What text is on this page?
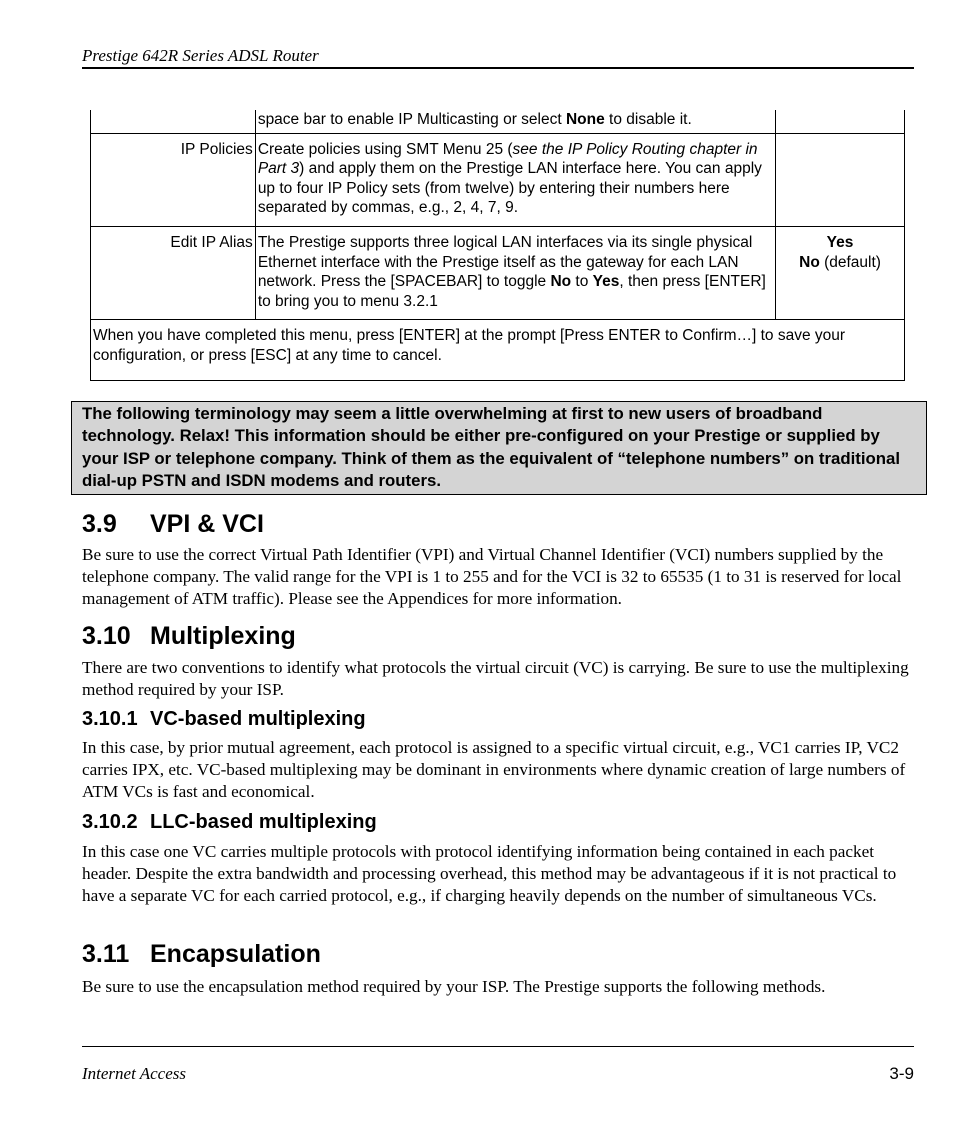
Prestige 642R Series ADSL Router
	space bar to enable IP Multicasting or select None to disable it.	
IP Policies	Create policies using SMT Menu 25 (see the IP Policy Routing chapter in Part 3) and apply them on the Prestige LAN interface here. You can apply up to four IP Policy sets (from twelve) by entering their numbers here separated by commas, e.g., 2, 4, 7, 9.	
Edit IP Alias	The Prestige supports three logical LAN interfaces via its single physical Ethernet interface with the Prestige itself as the gateway for each LAN network. Press the [SPACEBAR] to toggle No to Yes, then press [ENTER] to bring you to menu 3.2.1	Yes
No (default)
When you have completed this menu, press [ENTER] at the prompt [Press ENTER to Confirm…] to save your configuration, or press [ESC] at any time to cancel.		
The following terminology may seem a little overwhelming at first to new users of broadband technology. Relax! This information should be either pre-configured on your Prestige or supplied by your ISP or telephone company. Think of them as the equivalent of “telephone numbers” on traditional dial-up PSTN and ISDN modems and routers.
3.9 VPI & VCI

Be sure to use the correct Virtual Path Identifier (VPI) and Virtual Channel Identifier (VCI) numbers supplied by the telephone company. The valid range for the VPI is 1 to 255 and for the VCI is 32 to 65535 (1 to 31 is reserved for local management of ATM traffic). Please see the Appendices for more information.

3.10 Multiplexing

There are two conventions to identify what protocols the virtual circuit (VC) is carrying. Be sure to use the multiplexing method required by your ISP.

3.10.1 VC-based multiplexing

In this case, by prior mutual agreement, each protocol is assigned to a specific virtual circuit, e.g., VC1 carries IP, VC2 carries IPX, etc. VC-based multiplexing may be dominant in environments where dynamic creation of large numbers of ATM VCs is fast and economical.

3.10.2 LLC-based multiplexing

In this case one VC carries multiple protocols with protocol identifying information being contained in each packet header. Despite the extra bandwidth and processing overhead, this method may be advantageous if it is not practical to have a separate VC for each carried protocol, e.g., if charging heavily depends on the number of simultaneous VCs.

3.11 Encapsulation

Be sure to use the encapsulation method required by your ISP. The Prestige supports the following methods.

Internet Access	3-9
